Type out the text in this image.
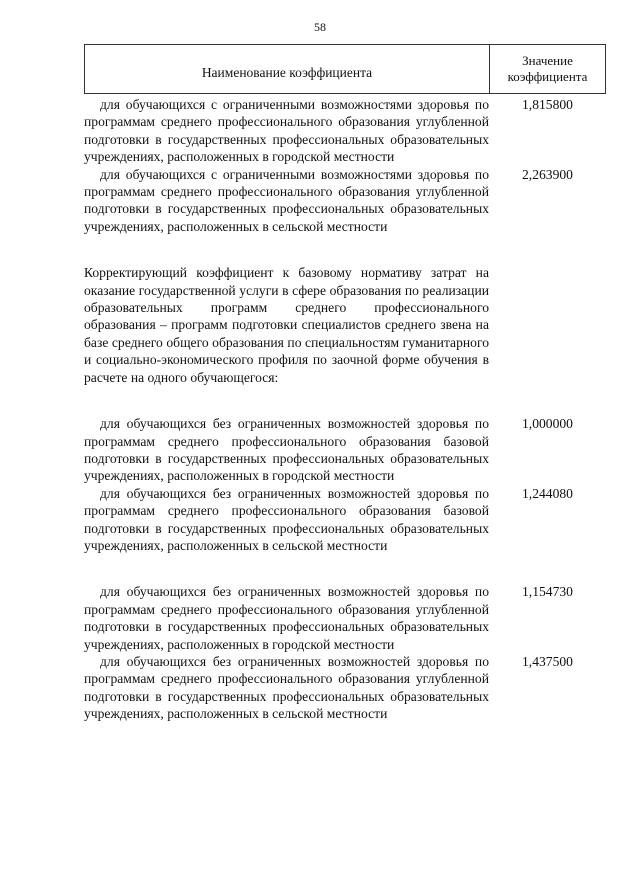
58
Наименование коэффициента
Значение
коэффициента
для обучающихся с ограниченными возможностями здоровья по программам среднего профессионального образования углубленной подготовки в государственных профессиональных образовательных учреждениях, расположенных в городской местности
1,815800
для обучающихся с ограниченными возможностями здоровья по программам среднего профессионального образования углубленной подготовки в государственных профессиональных образовательных учреждениях, расположенных в сельской местности
2,263900
Корректирующий коэффициент к базовому нормативу затрат на оказание государственной услуги в сфере образования по реализации образовательных программ среднего профессионального образования – программ подготовки специалистов среднего звена на базе среднего общего образования по специальностям гуманитарного и социально-экономического профиля по заочной форме обучения в расчете на одного обучающегося:
для обучающихся без ограниченных возможностей здоровья по программам среднего профессионального образования базовой подготовки в государственных профессиональных образовательных учреждениях, расположенных в городской местности
1,000000
для обучающихся без ограниченных возможностей здоровья по программам среднего профессионального образования базовой подготовки в государственных профессиональных образовательных учреждениях, расположенных в сельской местности
1,244080
для обучающихся без ограниченных возможностей здоровья по программам среднего профессионального образования углубленной подготовки в государственных профессиональных образовательных учреждениях, расположенных в городской местности
1,154730
для обучающихся без ограниченных возможностей здоровья по программам среднего профессионального образования углубленной подготовки в государственных профессиональных образовательных учреждениях, расположенных в сельской местности
1,437500
